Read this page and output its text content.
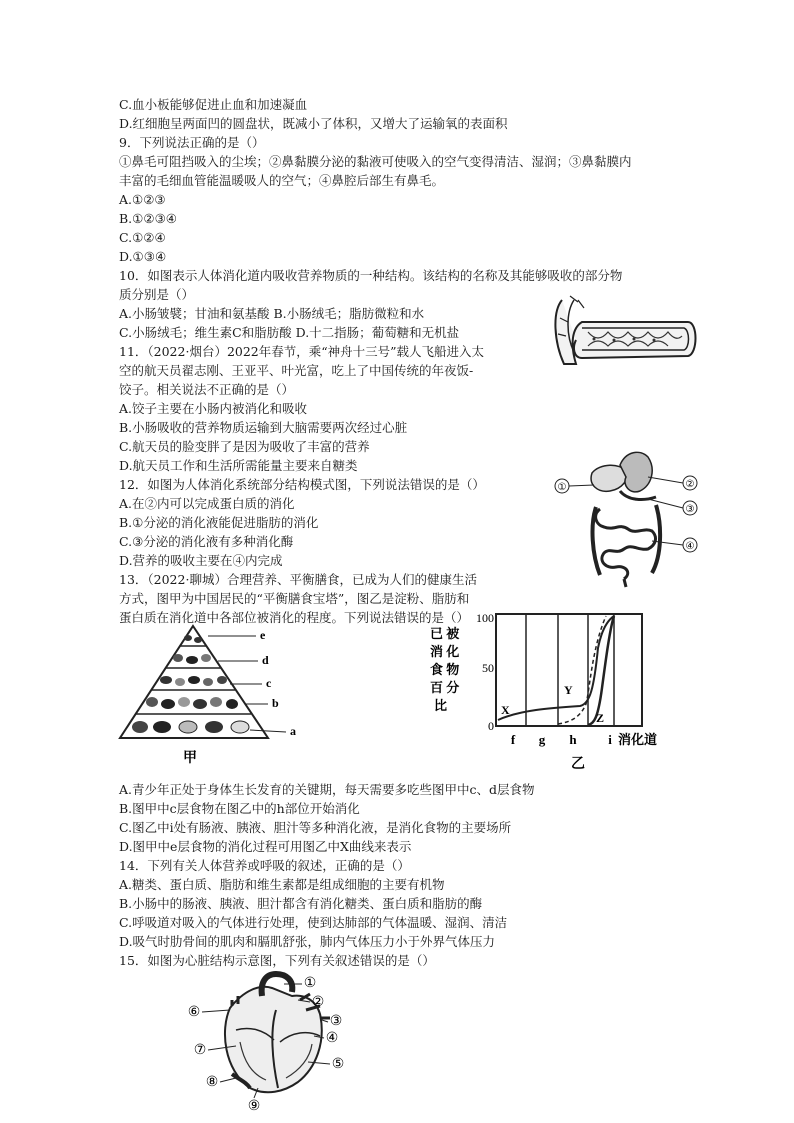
C.血小板能够促进止血和加速凝血
D.红细胞呈两面凹的圆盘状，既减小了体积，又增大了运输氧的表面积
9．下列说法正确的是（）
①鼻毛可阻挡吸入的尘埃；②鼻黏膜分泌的黏液可使吸入的空气变得清洁、湿润；③鼻黏膜内
丰富的毛细血管能温暖吸人的空气；④鼻腔后部生有鼻毛。
A.①②③
B.①②③④
C.①②④
D.①③④
10．如图表示人体消化道内吸收营养物质的一种结构。该结构的名称及其能够吸收的部分物
质分别是（）
A.小肠皱襞；甘油和氨基酸 B.小肠绒毛；脂肪微粒和水
C.小肠绒毛；维生素C和脂肪酸 D.十二指肠；葡萄糖和无机盐
11．（2022·烟台）2022年春节，乘“神舟十三号”载人飞船进入太
空的航天员翟志刚、王亚平、叶光富，吃上了中国传统的年夜饭-
饺子。相关说法不正确的是（）
A.饺子主要在小肠内被消化和吸收
B.小肠吸收的营养物质运输到大脑需要两次经过心脏
C.航天员的脸变胖了是因为吸收了丰富的营养
D.航天员工作和生活所需能量主要来自糖类
12．如图为人体消化系统部分结构模式图，下列说法错误的是（）
A.在②内可以完成蛋白质的消化
B.①分泌的消化液能促进脂肪的消化
C.③分泌的消化液有多种消化酶
D.营养的吸收主要在④内完成
13．（2022·聊城）合理营养、平衡膳食，已成为人们的健康生活
方式，图甲为中国居民的“平衡膳食宝塔”，图乙是淀粉、脂肪和
蛋白质在消化道中各部位被消化的程度。下列说法错误的是（）
A.青少年正处于身体生长发育的关键期，每天需要多吃些图甲中c、d层食物
B.图甲中c层食物在图乙中的h部位开始消化
C.图乙中i处有肠液、胰液、胆汁等多种消化液，是消化食物的主要场所
D.图甲中e层食物的消化过程可用图乙中X曲线来表示
14．下列有关人体营养或呼吸的叙述，正确的是（）
A.糖类、蛋白质、脂肪和维生素都是组成细胞的主要有机物
B.小肠中的肠液、胰液、胆汁都含有消化糖类、蛋白质和脂肪的酶
C.呼吸道对吸入的气体进行处理，使到达肺部的气体温暖、湿润、清洁
D.吸气时肋骨间的肌肉和膈肌舒张，肺内气体压力小于外界气体压力
15．如图为心脏结构示意图，下列有关叙述错误的是（）
①	②
③
④
e
d
c
b
a
甲
已 被
消 化
食 物
百 分
比
100
50
0
X
Y
Z
f g h i 消化道
乙
①
②
③
④
⑤
⑥
⑦
⑧
⑨
